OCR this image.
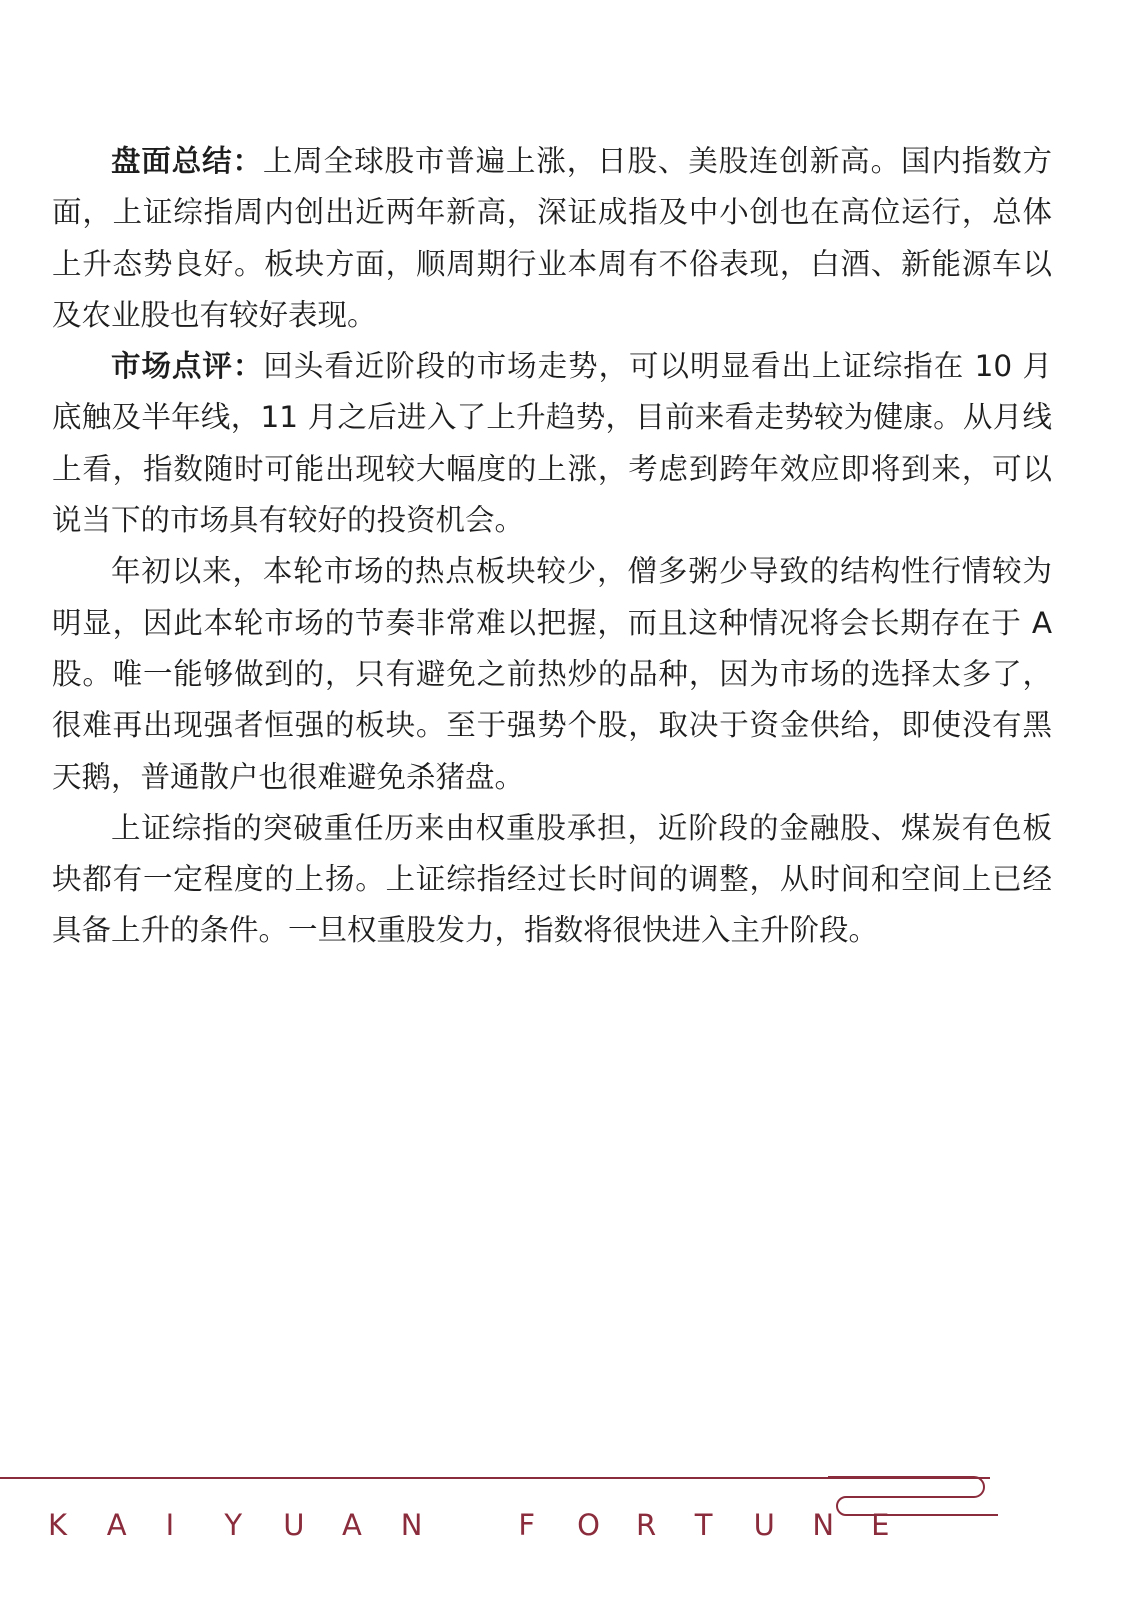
盘面总结：上周全球股市普遍上涨，日股、美股连创新高。国内指数方面，上证综指周内创出近两年新高，深证成指及中小创也在高位运行，总体上升态势良好。板块方面，顺周期行业本周有不俗表现，白酒、新能源车以及农业股也有较好表现。

市场点评：回头看近阶段的市场走势，可以明显看出上证综指在 10 月底触及半年线，11 月之后进入了上升趋势，目前来看走势较为健康。从月线上看，指数随时可能出现较大幅度的上涨，考虑到跨年效应即将到来，可以说当下的市场具有较好的投资机会。

年初以来，本轮市场的热点板块较少，僧多粥少导致的结构性行情较为明显，因此本轮市场的节奏非常难以把握，而且这种情况将会长期存在于 A 股。唯一能够做到的，只有避免之前热炒的品种，因为市场的选择太多了，很难再出现强者恒强的板块。至于强势个股，取决于资金供给，即使没有黑天鹅，普通散户也很难避免杀猪盘。

上证综指的突破重任历来由权重股承担，近阶段的金融股、煤炭有色板块都有一定程度的上扬。上证综指经过长时间的调整，从时间和空间上已经具备上升的条件。一旦权重股发力，指数将很快进入主升阶段。

K A I Y U A N	F O R T U N E
